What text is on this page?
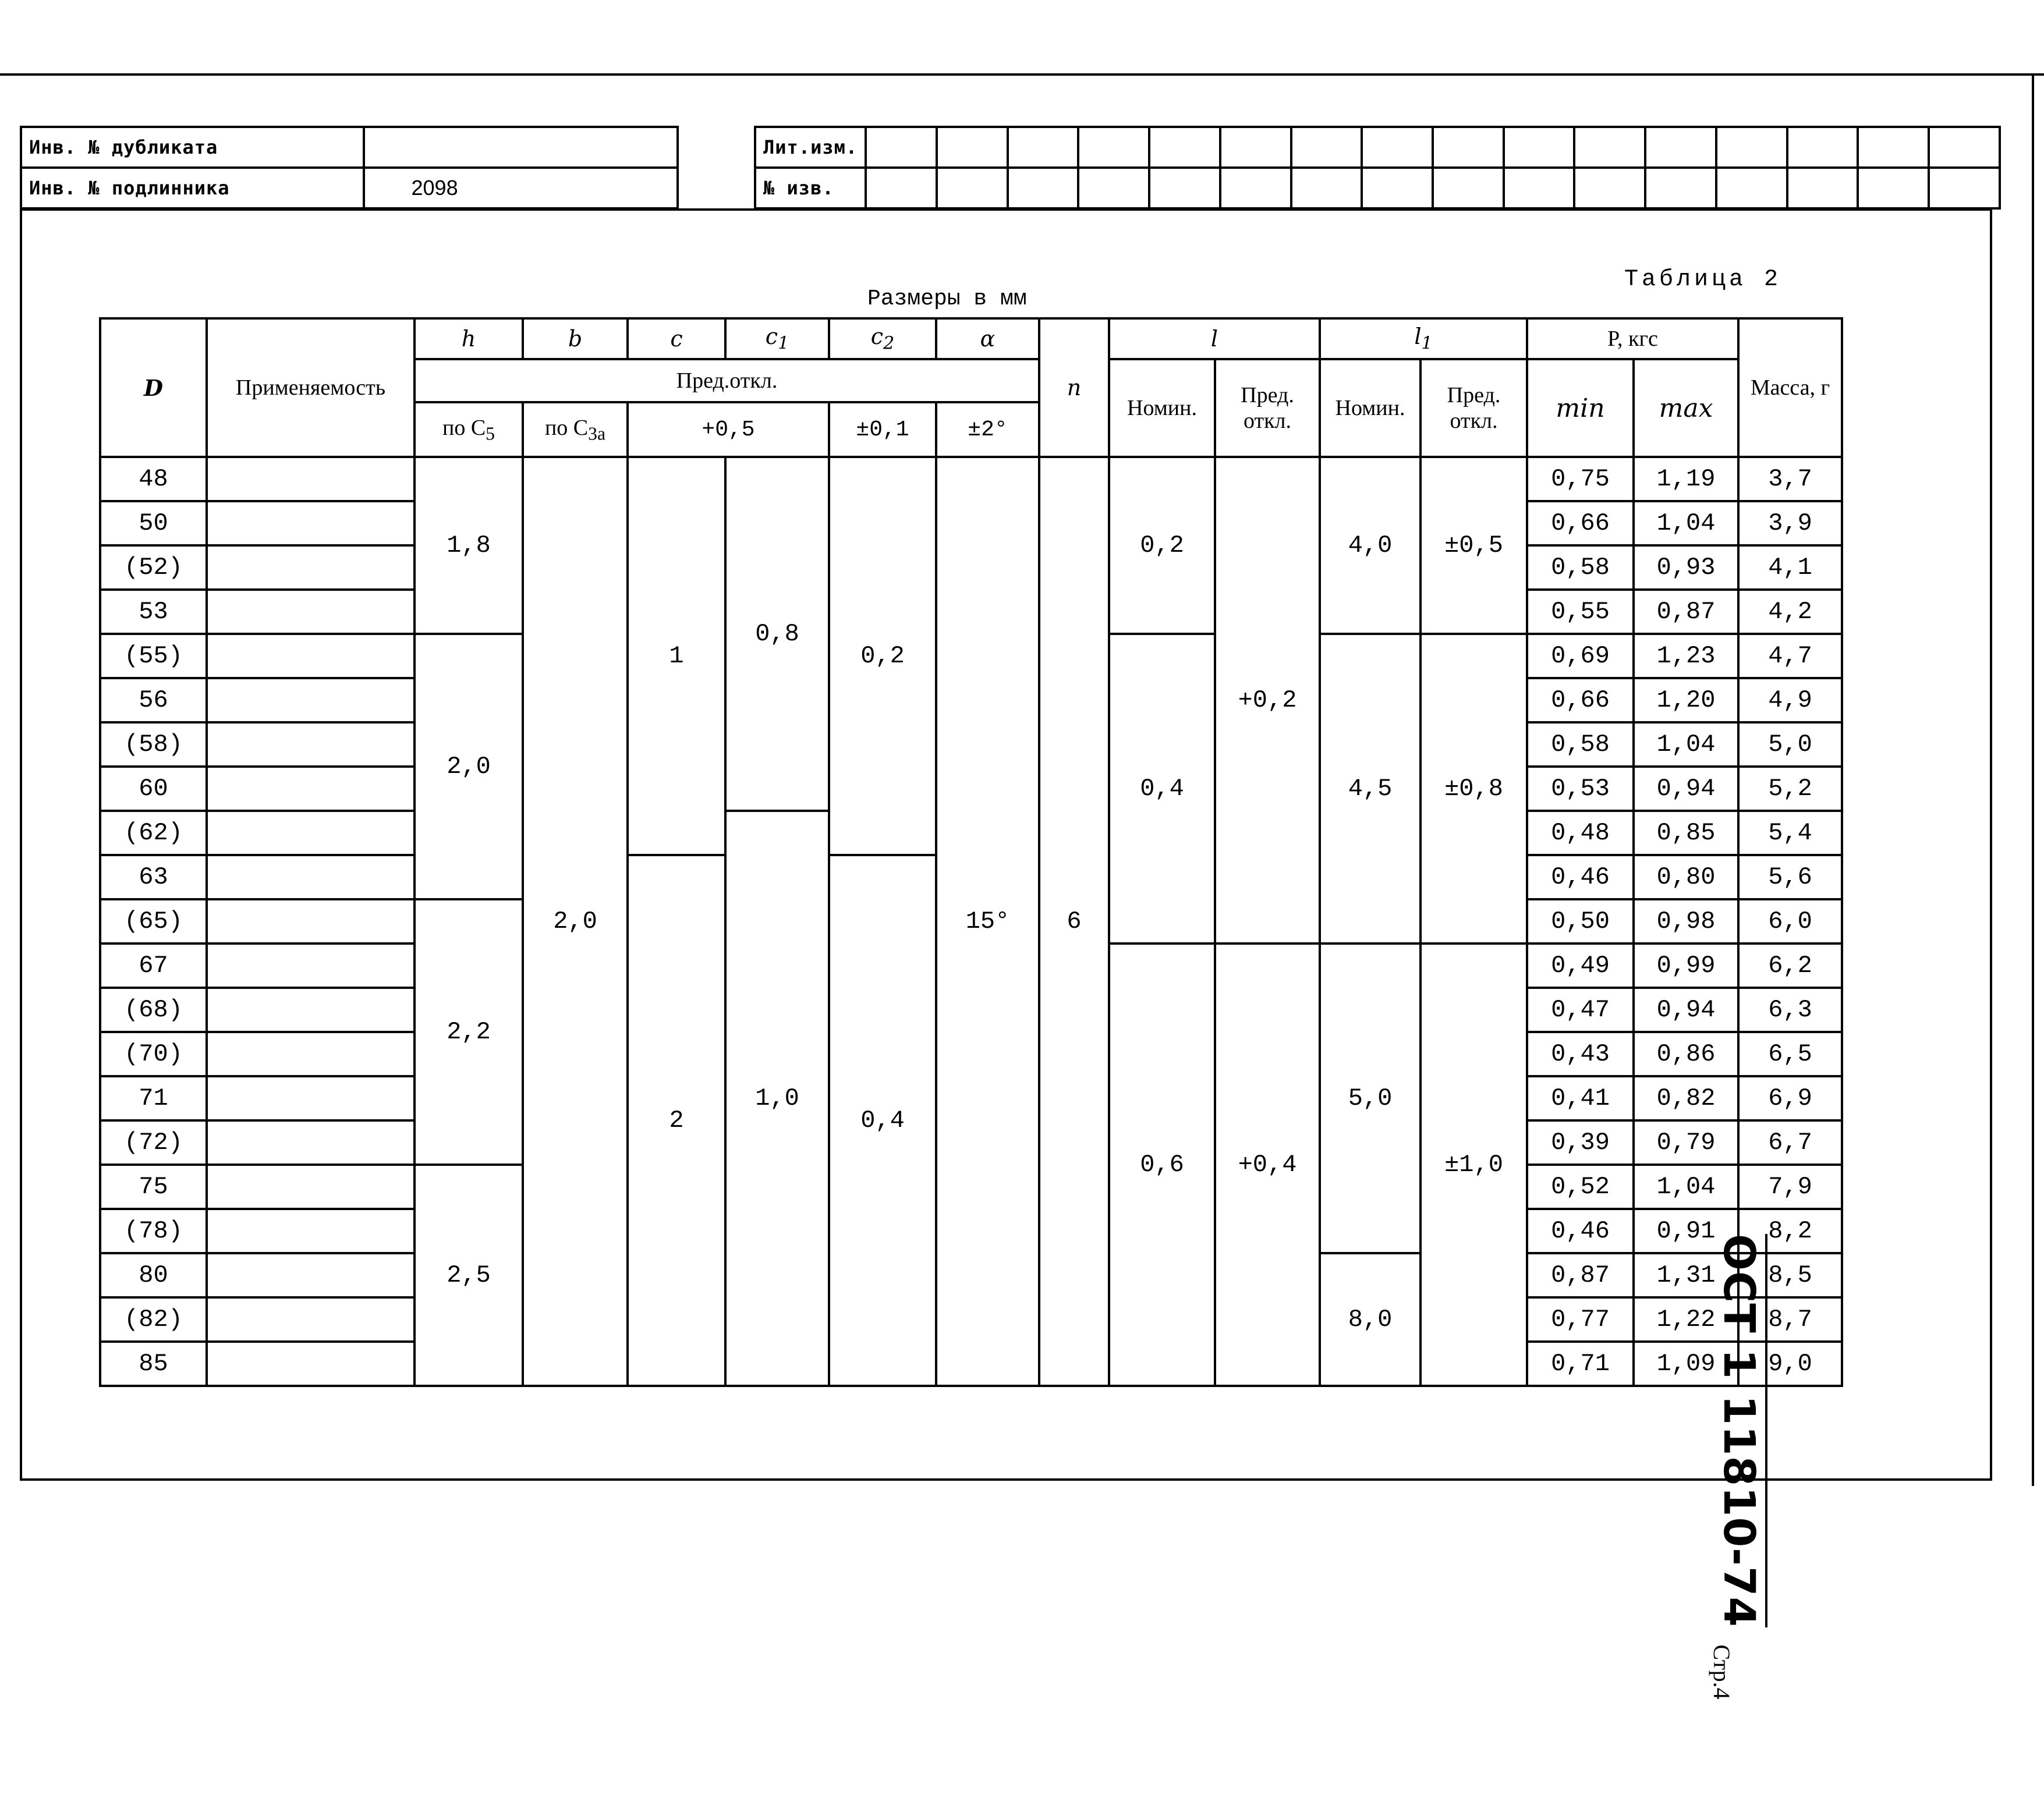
Инв. № дубликата	
Инв. № подлинника	2098
Лит.изм.																
№ изв.																
Таблица 2
Размеры в мм
ОСТ 1 11810-74 Стр.4
D	Применяемость	h	b	c	$c_1$	$c_2$	α	n	l		$l_1$		P, кгс		Масса, г
		Пред.откл.							Номин.	Пред. откл.	Номин.	Пред. откл.	min	max	
		по $С_5$	по $С_{3а}$	+0,5		±0,1	±2°								
48		1,8	2,0	1	0,8	0,2	15°	6	0,2	+0,2	4,0	±0,5	0,75	1,19	3,7
50													0,66	1,04	3,9
(52)													0,58	0,93	4,1
53													0,55	0,87	4,2
(55)		2,0							0,4		4,5	±0,8	0,69	1,23	4,7
56													0,66	1,20	4,9
(58)													0,58	1,04	5,0
60													0,53	0,94	5,2
(62)					1,0								0,48	0,85	5,4
63				2		0,4							0,46	0,80	5,6
(65)		2,2											0,50	0,98	6,0
67									0,6	+0,4	5,0	±1,0	0,49	0,99	6,2
(68)													0,47	0,94	6,3
(70)													0,43	0,86	6,5
71													0,41	0,82	6,9
(72)													0,39	0,79	6,7
75		2,5											0,52	1,04	7,9
(78)													0,46	0,91	8,2
80											8,0		0,87	1,31	8,5
(82)													0,77	1,22	8,7
85													0,71	1,09	9,0
